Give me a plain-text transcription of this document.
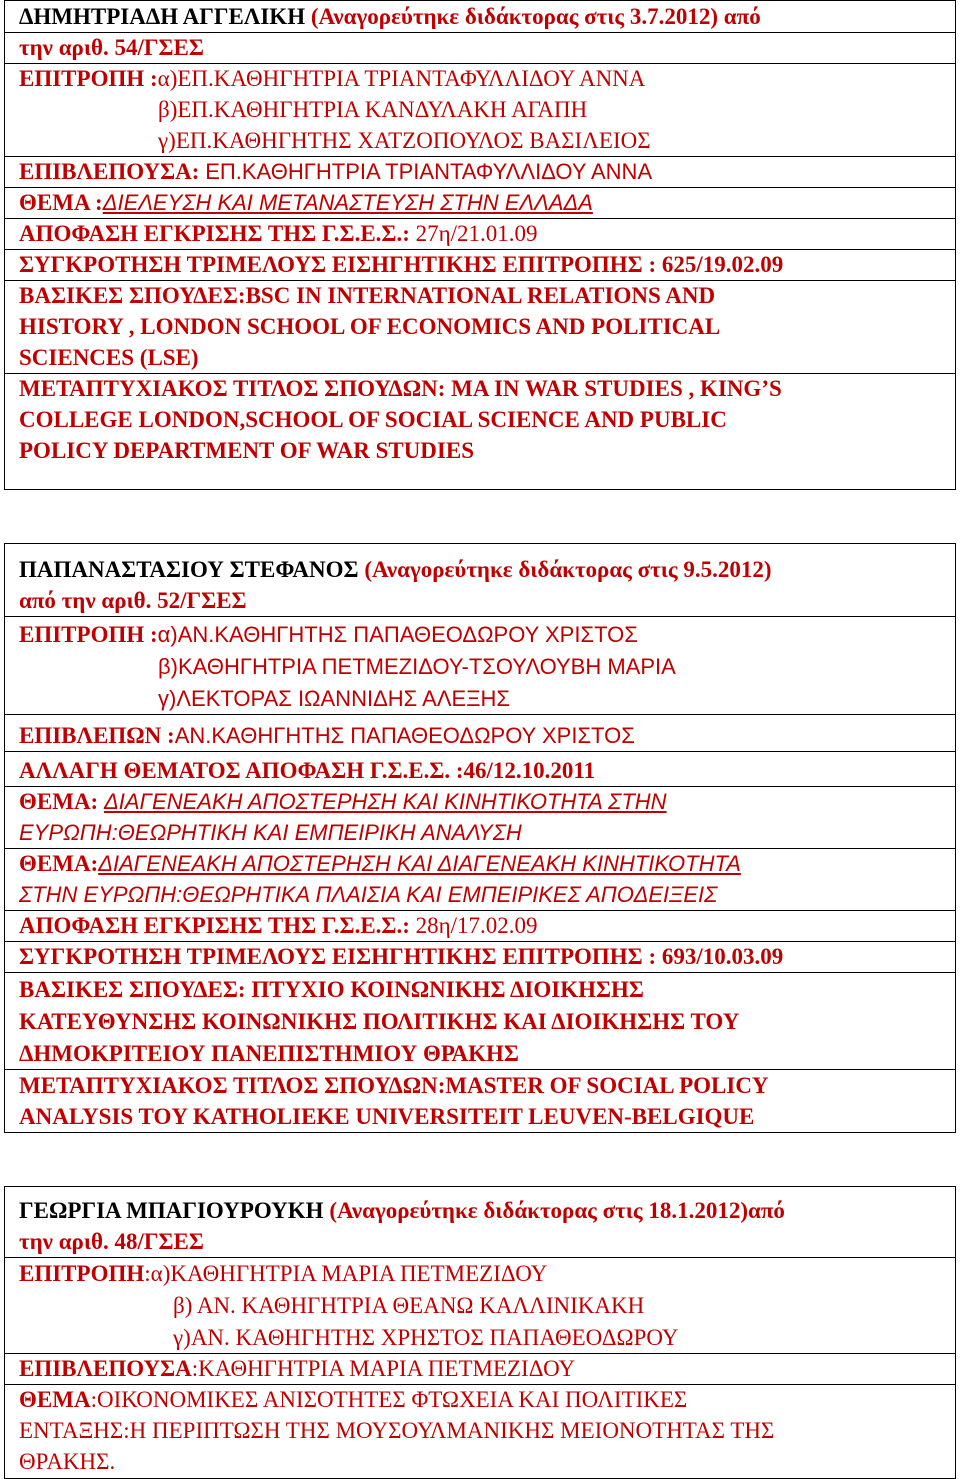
ΔΗΜΗΤΡΙΑΔΗ ΑΓΓΕΛΙΚΗ (Αναγορεύτηκε διδάκτορας στις 3.7.2012) από
την αριθ. 54/ΓΣΕΣ
ΕΠΙΤΡΟΠΗ :α)ΕΠ.ΚΑΘΗΓΗΤΡΙΑ ΤΡΙΑΝΤΑΦΥΛΛΙΔΟΥ ΑΝΝΑ
β)ΕΠ.ΚΑΘΗΓΗΤΡΙΑ ΚΑΝΔΥΛΑΚΗ ΑΓΑΠΗ
γ)ΕΠ.ΚΑΘΗΓΗΤΗΣ ΧΑΤΖΟΠΟΥΛΟΣ ΒΑΣΙΛΕΙΟΣ
ΕΠΙΒΛΕΠΟΥΣΑ: ΕΠ.ΚΑΘΗΓΗΤΡΙΑ ΤΡΙΑΝΤΑΦΥΛΛΙΔΟΥ ΑΝΝΑ
ΘΕΜΑ :ΔΙΕΛΕΥΣΗ ΚΑΙ ΜΕΤΑΝΑΣΤΕΥΣΗ ΣΤΗΝ ΕΛΛΑΔΑ
ΑΠΟΦΑΣΗ ΕΓΚΡΙΣΗΣ ΤΗΣ Γ.Σ.Ε.Σ.: 27η/21.01.09
ΣΥΓΚΡΟΤΗΣΗ ΤΡΙΜΕΛΟΥΣ ΕΙΣΗΓΗΤΙΚΗΣ ΕΠΙΤΡΟΠΗΣ : 625/19.02.09
ΒΑΣΙΚΕΣ ΣΠΟΥΔΕΣ:BSC IN INTERNATIONAL RELATIONS AND
HISTORY , LONDON SCHOOL OF ECONOMICS AND POLITICAL
SCIENCES (LSE)
ΜΕΤΑΠΤΥΧΙΑΚΟΣ ΤΙΤΛΟΣ ΣΠΟΥΔΩΝ: MA IN WAR STUDIES , KING’S
COLLEGE LONDON,SCHOOL OF SOCIAL SCIENCE AND PUBLIC
POLICY DEPARTMENT OF WAR STUDIES
ΠΑΠΑΝΑΣΤΑΣΙΟΥ ΣΤΕΦΑΝΟΣ (Αναγορεύτηκε διδάκτορας στις 9.5.2012)
από την αριθ. 52/ΓΣΕΣ
ΕΠΙΤΡΟΠΗ :α)ΑΝ.ΚΑΘΗΓΗΤΗΣ ΠΑΠΑΘΕΟΔΩΡΟΥ ΧΡΙΣΤΟΣ
β)ΚΑΘΗΓΗΤΡΙΑ ΠΕΤΜΕΖΙΔΟΥ-ΤΣΟΥΛΟΥΒΗ ΜΑΡΙΑ
γ)ΛΕΚΤΟΡΑΣ ΙΩΑΝΝΙΔΗΣ ΑΛΕΞΗΣ
ΕΠΙΒΛΕΠΩΝ :ΑΝ.ΚΑΘΗΓΗΤΗΣ ΠΑΠΑΘΕΟΔΩΡΟΥ ΧΡΙΣΤΟΣ
ΑΛΛΑΓΗ ΘΕΜΑΤΟΣ ΑΠΟΦΑΣΗ Γ.Σ.Ε.Σ. :46/12.10.2011
ΘΕΜΑ: ΔΙΑΓΕΝΕΑΚΗ ΑΠΟΣΤΕΡΗΣΗ ΚΑΙ ΚΙΝΗΤΙΚΟΤΗΤΑ ΣΤΗΝ
ΕΥΡΩΠΗ:ΘΕΩΡΗΤΙΚΗ ΚΑΙ ΕΜΠΕΙΡΙΚΗ ΑΝΑΛΥΣΗ
ΘΕΜΑ:ΔΙΑΓΕΝΕΑΚΗ ΑΠΟΣΤΕΡΗΣΗ ΚΑΙ ΔΙΑΓΕΝΕΑΚΗ ΚΙΝΗΤΙΚΟΤΗΤΑ
ΣΤΗΝ ΕΥΡΩΠΗ:ΘΕΩΡΗΤΙΚΑ ΠΛΑΙΣΙΑ ΚΑΙ ΕΜΠΕΙΡΙΚΕΣ ΑΠΟΔΕΙΞΕΙΣ
ΑΠΟΦΑΣΗ ΕΓΚΡΙΣΗΣ ΤΗΣ Γ.Σ.Ε.Σ.: 28η/17.02.09
ΣΥΓΚΡΟΤΗΣΗ ΤΡΙΜΕΛΟΥΣ ΕΙΣΗΓΗΤΙΚΗΣ ΕΠΙΤΡΟΠΗΣ : 693/10.03.09
ΒΑΣΙΚΕΣ ΣΠΟΥΔΕΣ: ΠΤΥΧΙΟ ΚΟΙΝΩΝΙΚΗΣ ΔΙΟΙΚΗΣΗΣ
ΚΑΤΕΥΘΥΝΣΗΣ ΚΟΙΝΩΝΙΚΗΣ ΠΟΛΙΤΙΚΗΣ ΚΑΙ ΔΙΟΙΚΗΣΗΣ ΤΟΥ
ΔΗΜΟΚΡΙΤΕΙΟΥ ΠΑΝΕΠΙΣΤΗΜΙΟΥ ΘΡΑΚΗΣ
ΜΕΤΑΠΤΥΧΙΑΚΟΣ ΤΙΤΛΟΣ ΣΠΟΥΔΩΝ:MASTER OF SOCIAL POLICY
ANALYSIS TOY KATHOLIEKE UNIVERSITEIT LEUVEN-BELGIQUE
ΓΕΩΡΓΙΑ ΜΠΑΓΙΟΥΡΟΥΚΗ (Αναγορεύτηκε διδάκτορας στις 18.1.2012)από
την αριθ. 48/ΓΣΕΣ
ΕΠΙΤΡΟΠΗ:α)ΚΑΘΗΓΗΤΡΙΑ ΜΑΡΙΑ ΠΕΤΜΕΖΙΔΟΥ
β) ΑΝ. ΚΑΘΗΓΗΤΡΙΑ ΘΕΑΝΩ ΚΑΛΛΙΝΙΚΑΚΗ
γ)ΑΝ. ΚΑΘΗΓΗΤΗΣ ΧΡΗΣΤΟΣ ΠΑΠΑΘΕΟΔΩΡΟΥ
ΕΠΙΒΛΕΠΟΥΣΑ:ΚΑΘΗΓΗΤΡΙΑ ΜΑΡΙΑ ΠΕΤΜΕΖΙΔΟΥ
ΘΕΜΑ:ΟΙΚΟΝΟΜΙΚΕΣ ΑΝΙΣΟΤΗΤΕΣ ΦΤΩΧΕΙΑ ΚΑΙ ΠΟΛΙΤΙΚΕΣ
ΕΝΤΑΞΗΣ:Η ΠΕΡΙΠΤΩΣΗ ΤΗΣ ΜΟΥΣΟΥΛΜΑΝΙΚΗΣ ΜΕΙΟΝΟΤΗΤΑΣ ΤΗΣ
ΘΡΑΚΗΣ.
